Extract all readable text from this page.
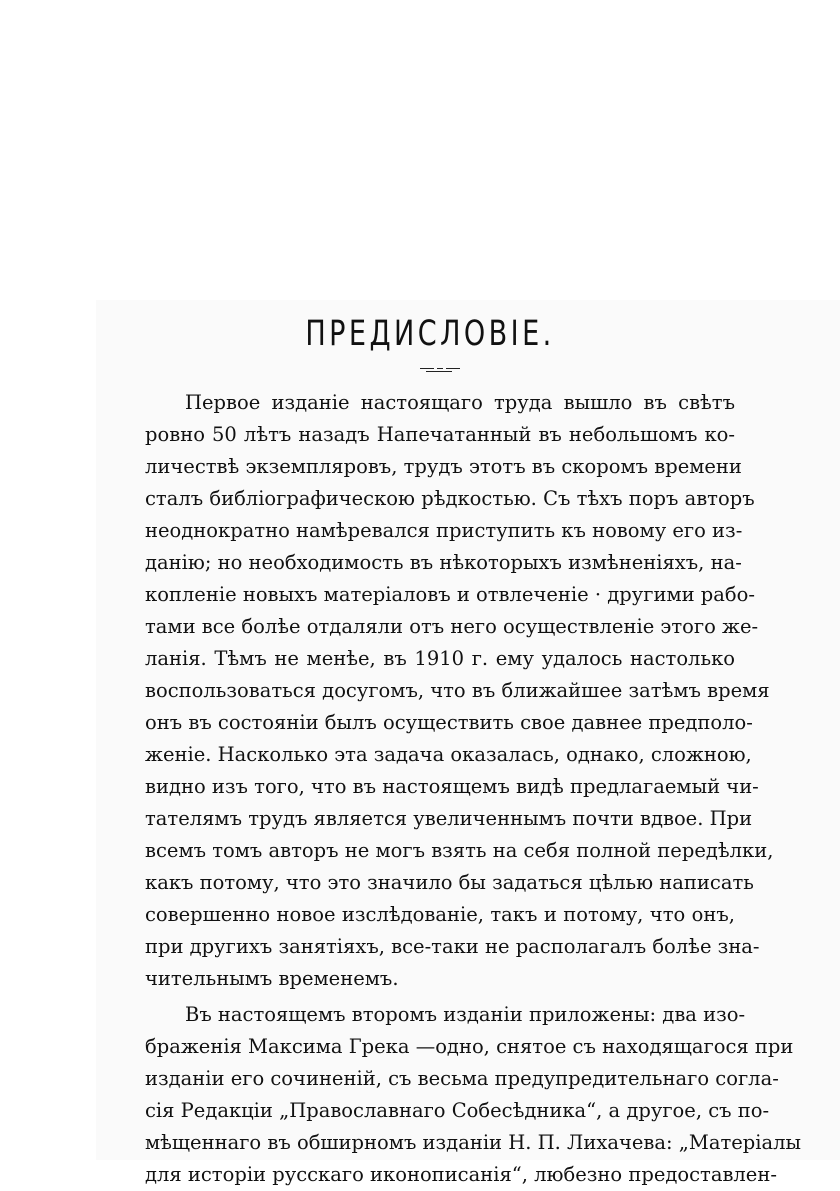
ПРЕДИСЛОВІЕ.
Первое изданіе настоящаго труда вышло въ свѣтъ
ровно 50 лѣтъ назадъ Напечатанный въ небольшомъ ко-
личествѣ экземпляровъ, трудъ этотъ въ скоромъ времени
сталъ библіографическою рѣдкостью. Съ тѣхъ поръ авторъ
неоднократно намѣревался приступить къ новому его из-
данію; но необходимость въ нѣкоторыхъ измѣненіяхъ, на-
копленіе новыхъ матеріаловъ и отвлеченіе · другими рабо-
тами все болѣе отдаляли отъ него осуществленіе этого же-
ланія. Тѣмъ не менѣе, въ 1910 г. ему удалось настолько
воспользоваться досугомъ, что въ ближайшее затѣмъ время
онъ въ состояніи былъ осуществить свое давнее предполо-
женіе. Насколько эта задача оказалась, однако, сложною,
видно изъ того, что въ настоящемъ видѣ предлагаемый чи-
тателямъ трудъ является увеличеннымъ почти вдвое. При
всемъ томъ авторъ не могъ взять на себя полной передѣлки,
какъ потому, что это значило бы задаться цѣлью написать
совершенно новое изслѣдованіе, такъ и потому, что онъ,
при другихъ занятіяхъ, все-таки не располагалъ болѣе зна-
чительнымъ временемъ.
Въ настоящемъ второмъ изданіи приложены: два изо-
браженія Максима Грека —одно, снятое съ находящагося при
изданіи его сочиненій, съ весьма предупредительнаго согла-
сія Редакціи „Православнаго Собесѣдника“, а другое, съ по-
мѣщеннаго въ обширномъ изданіи Н. П. Лихачева: „Матеріалы
для исторіи русскаго иконописанія“, любезно предоставлен-
